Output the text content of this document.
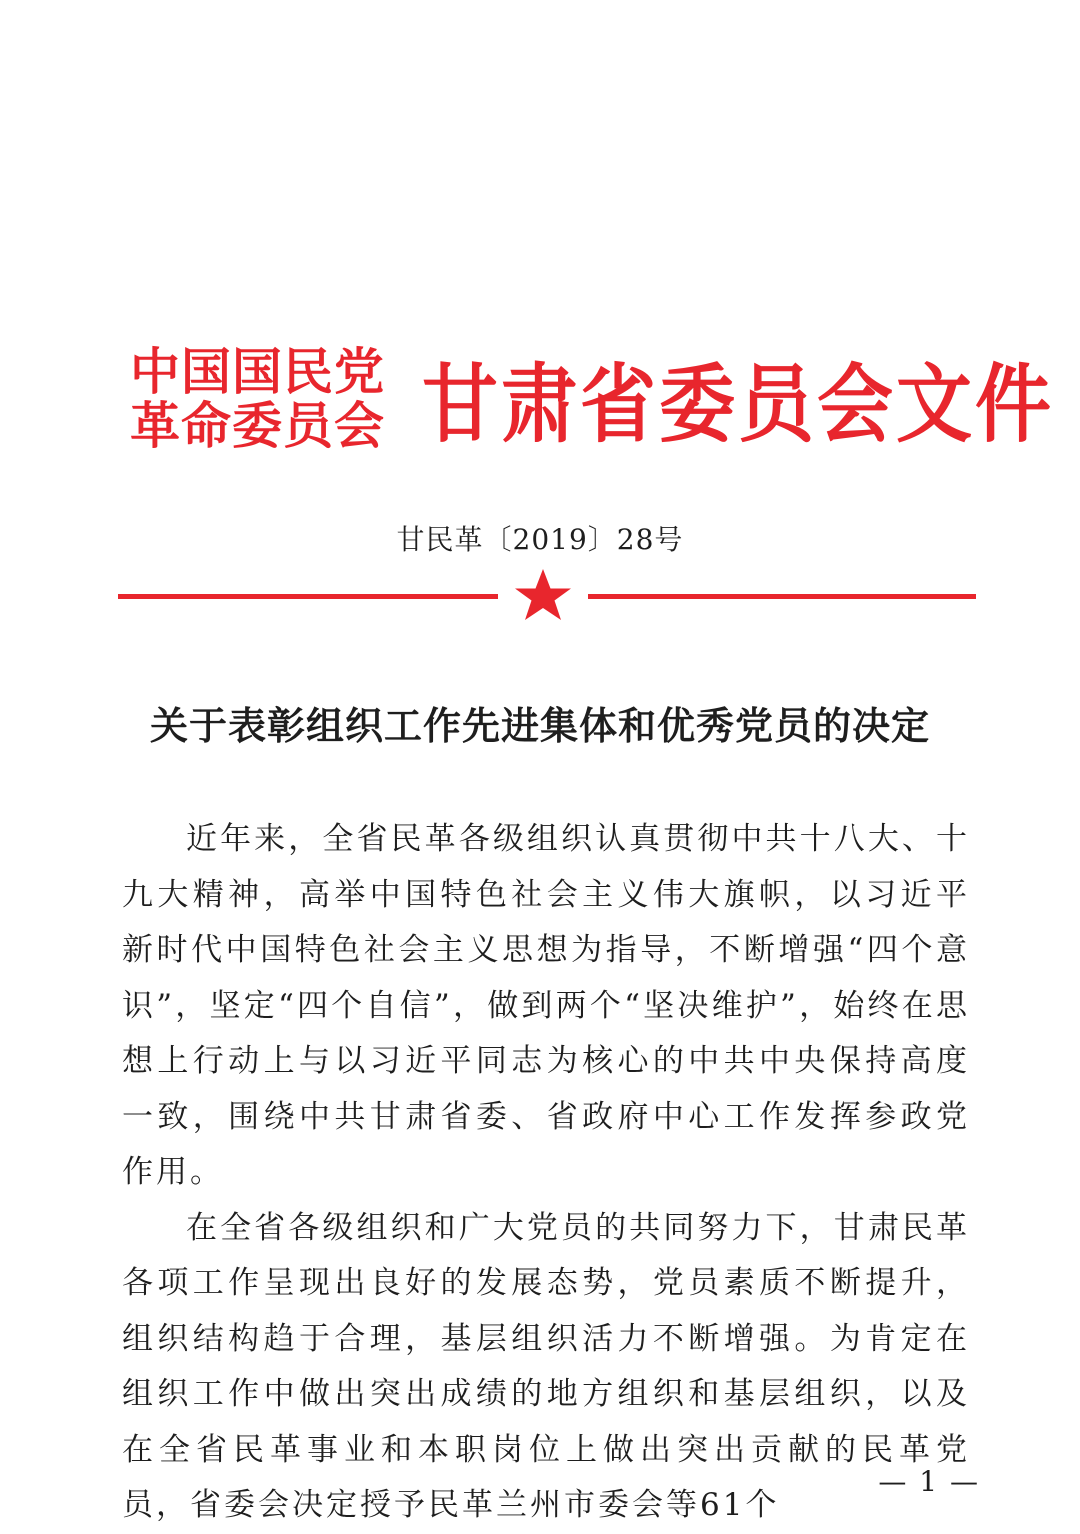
中国国民党
革命委员会 甘肃省委员会文件
甘民革〔2019〕28号
关于表彰组织工作先进集体和优秀党员的决定

近年来，全省民革各级组织认真贯彻中共十八大、十九大精神，高举中国特色社会主义伟大旗帜，以习近平新时代中国特色社会主义思想为指导，不断增强“四个意识”，坚定“四个自信”，做到两个“坚决维护”，始终在思想上行动上与以习近平同志为核心的中共中央保持高度一致，围绕中共甘肃省委、省政府中心工作发挥参政党作用。

在全省各级组织和广大党员的共同努力下，甘肃民革各项工作呈现出良好的发展态势，党员素质不断提升，组织结构趋于合理，基层组织活力不断增强。为肯定在组织工作中做出突出成绩的地方组织和基层组织，以及在全省民革事业和本职岗位上做出突出贡献的民革党员，省委会决定授予民革兰州市委会等61个

— 1 —
